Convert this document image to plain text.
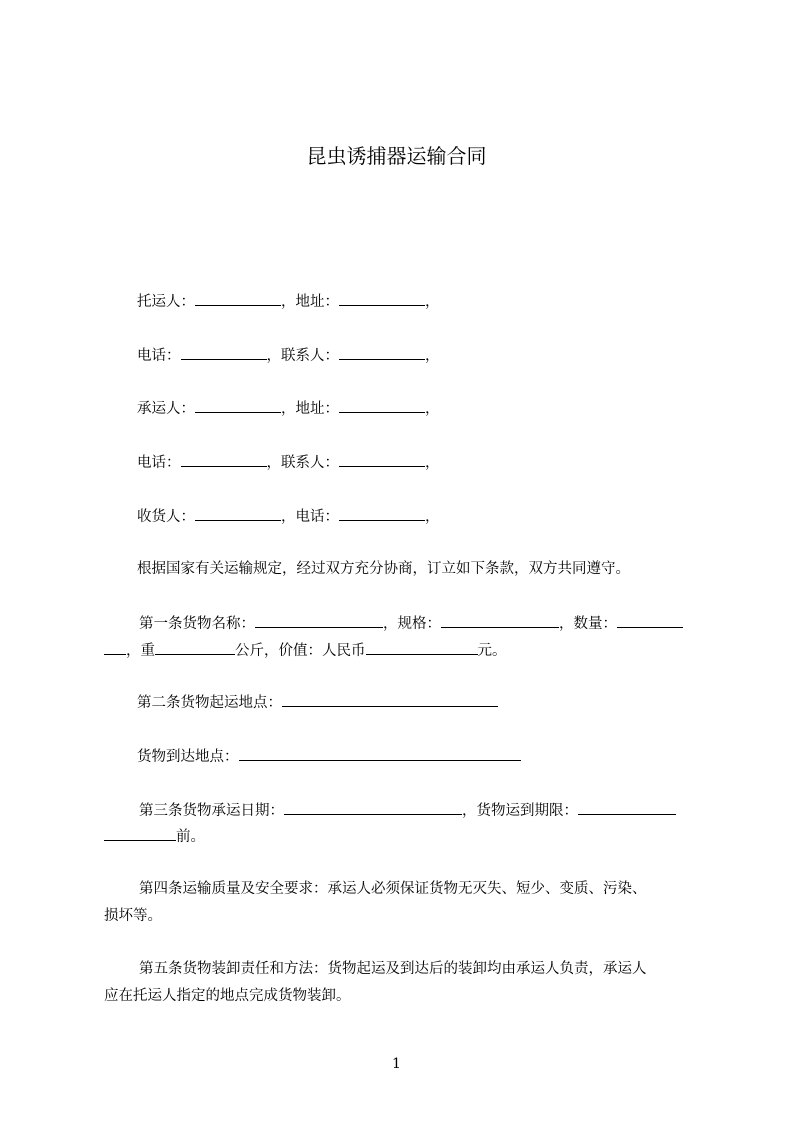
昆虫诱捕器运输合同
托运人：	，地址：	，
电话：	，联系人：	，
承运人：	，地址：	，
电话：	，联系人：	，
收货人：	，电话：	，
根据国家有关运输规定，经过双方充分协商，订立如下条款，双方共同遵守。
第一条货物名称：	，规格：	，数量：
，重	公斤，价值：人民币	元。
第二条货物起运地点：
货物到达地点：
第三条货物承运日期：	，货物运到期限：
前。
第四条运输质量及安全要求：承运人必须保证货物无灭失、短少、变质、污染、
损坏等。
第五条货物装卸责任和方法：货物起运及到达后的装卸均由承运人负责，承运人
应在托运人指定的地点完成货物装卸。
1
